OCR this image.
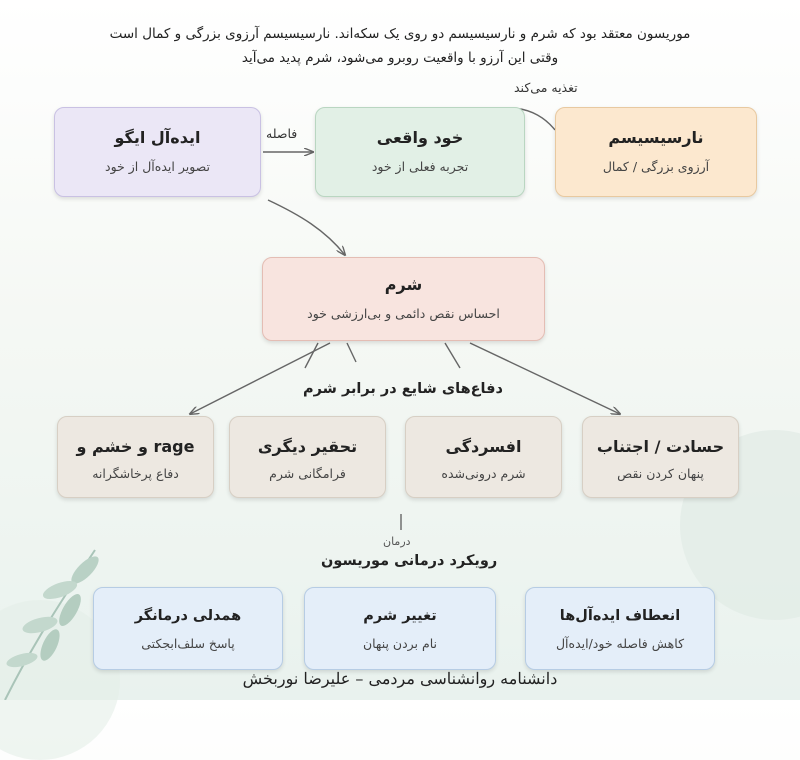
موریسون معتقد بود که شرم و نارسیسیسم دو روی یک سکه‌اند. نارسیسیسم آرزوی بزرگی و کمال است
وقتی این آرزو با واقعیت روبرو می‌شود، شرم پدید می‌آید
تغذیه می‌کند
فاصله
درمان
نارسیسیسم
آرزوی بزرگی / کمال
خود واقعی
تجربه فعلی از خود
ایده‌آل ایگو
تصویر ایده‌آل از خود
شرم
احساس نقص دائمی و بی‌ارزشی خود
دفاع‌های شایع در برابر شرم
حسادت / اجتناب
پنهان کردن نقص
افسردگی
شرم درونی‌شده
تحقیر دیگری
فرامگانی شرم
rage و خشم و
دفاع پرخاشگرانه
رویکرد درمانی موریسون
انعطاف ایده‌آل‌ها
کاهش فاصله خود/ایده‌آل
تغییر شرم
نام بردن پنهان
همدلی درمانگر
پاسخ سلف‌ابجکتی
دانشنامه روانشناسی مردمی – علیرضا نوربخش
